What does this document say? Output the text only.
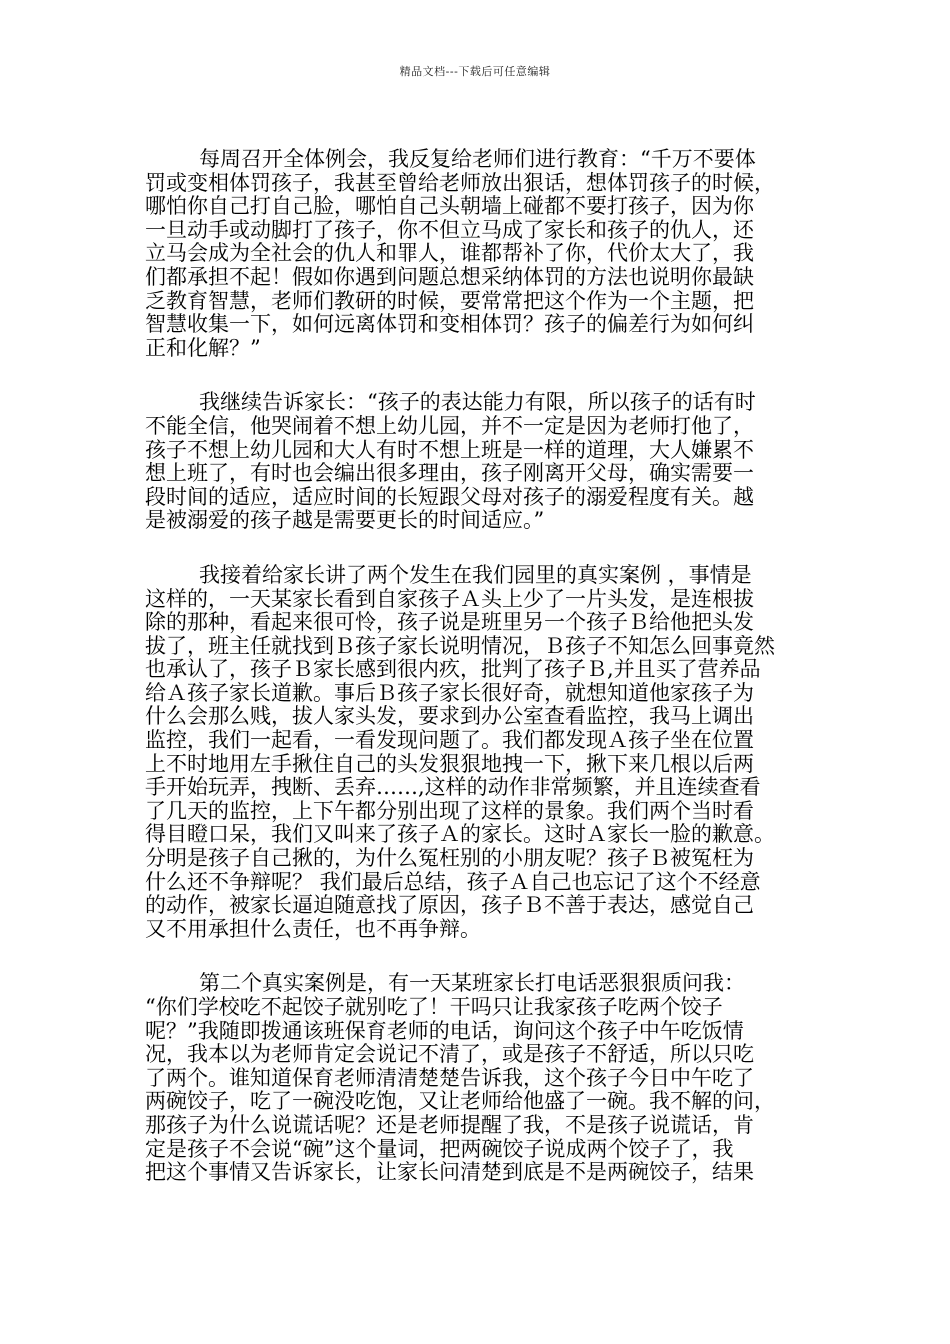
精品文档---下载后可任意编辑

每周召开全体例会，我反复给老师们进行教育：“千万不要体
罚或变相体罚孩子，我甚至曾给老师放出狠话，想体罚孩子的时候，
哪怕你自己打自己脸，哪怕自己头朝墙上碰都不要打孩子，因为你
一旦动手或动脚打了孩子，你不但立马成了家长和孩子的仇人，还
立马会成为全社会的仇人和罪人，谁都帮补了你，代价太大了，我
们都承担不起！假如你遇到问题总想采纳体罚的方法也说明你最缺
乏教育智慧，老师们教研的时候，要常常把这个作为一个主题，把
智慧收集一下，如何远离体罚和变相体罚？孩子的偏差行为如何纠
正和化解？”

我继续告诉家长：“孩子的表达能力有限，所以孩子的话有时
不能全信，他哭闹着不想上幼儿园，并不一定是因为老师打他了，
孩子不想上幼儿园和大人有时不想上班是一样的道理，大人嫌累不
想上班了，有时也会编出很多理由，孩子刚离开父母，确实需要一
段时间的适应，适应时间的长短跟父母对孩子的溺爱程度有关。越
是被溺爱的孩子越是需要更长的时间适应。”

我接着给家长讲了两个发生在我们园里的真实案例 ，事情是
这样的，一天某家长看到自家孩子Ａ头上少了一片头发，是连根拔
除的那种，看起来很可怜，孩子说是班里另一个孩子Ｂ给他把头发
拔了，班主任就找到Ｂ孩子家长说明情况，Ｂ孩子不知怎么回事竟然
也承认了，孩子Ｂ家长感到很内疚，批判了孩子Ｂ,并且买了营养品
给Ａ孩子家长道歉。事后Ｂ孩子家长很好奇，就想知道他家孩子为
什么会那么贱，拔人家头发，要求到办公室查看监控，我马上调出
监控，我们一起看，一看发现问题了。我们都发现Ａ孩子坐在位置
上不时地用左手揪住自己的头发狠狠地拽一下，揪下来几根以后两
手开始玩弄，拽断、丢弃……,这样的动作非常频繁，并且连续查看
了几天的监控，上下午都分别出现了这样的景象。我们两个当时看
得目瞪口呆，我们又叫来了孩子Ａ的家长。这时Ａ家长一脸的歉意。
分明是孩子自己揪的，为什么冤枉别的小朋友呢？孩子Ｂ被冤枉为
什么还不争辩呢？ 我们最后总结，孩子Ａ自己也忘记了这个不经意
的动作，被家长逼迫随意找了原因，孩子Ｂ不善于表达，感觉自己
又不用承担什么责任，也不再争辩。

第二个真实案例是，有一天某班家长打电话恶狠狠质问我：
“你们学校吃不起饺子就别吃了！干吗只让我家孩子吃两个饺子
呢？”我随即拨通该班保育老师的电话，询问这个孩子中午吃饭情
况，我本以为老师肯定会说记不清了，或是孩子不舒适，所以只吃
了两个。谁知道保育老师清清楚楚告诉我，这个孩子今日中午吃了
两碗饺子，吃了一碗没吃饱，又让老师给他盛了一碗。我不解的问，
那孩子为什么说谎话呢？还是老师提醒了我，不是孩子说谎话，肯
定是孩子不会说“碗”这个量词，把两碗饺子说成两个饺子了，我
把这个事情又告诉家长，让家长问清楚到底是不是两碗饺子，结果
